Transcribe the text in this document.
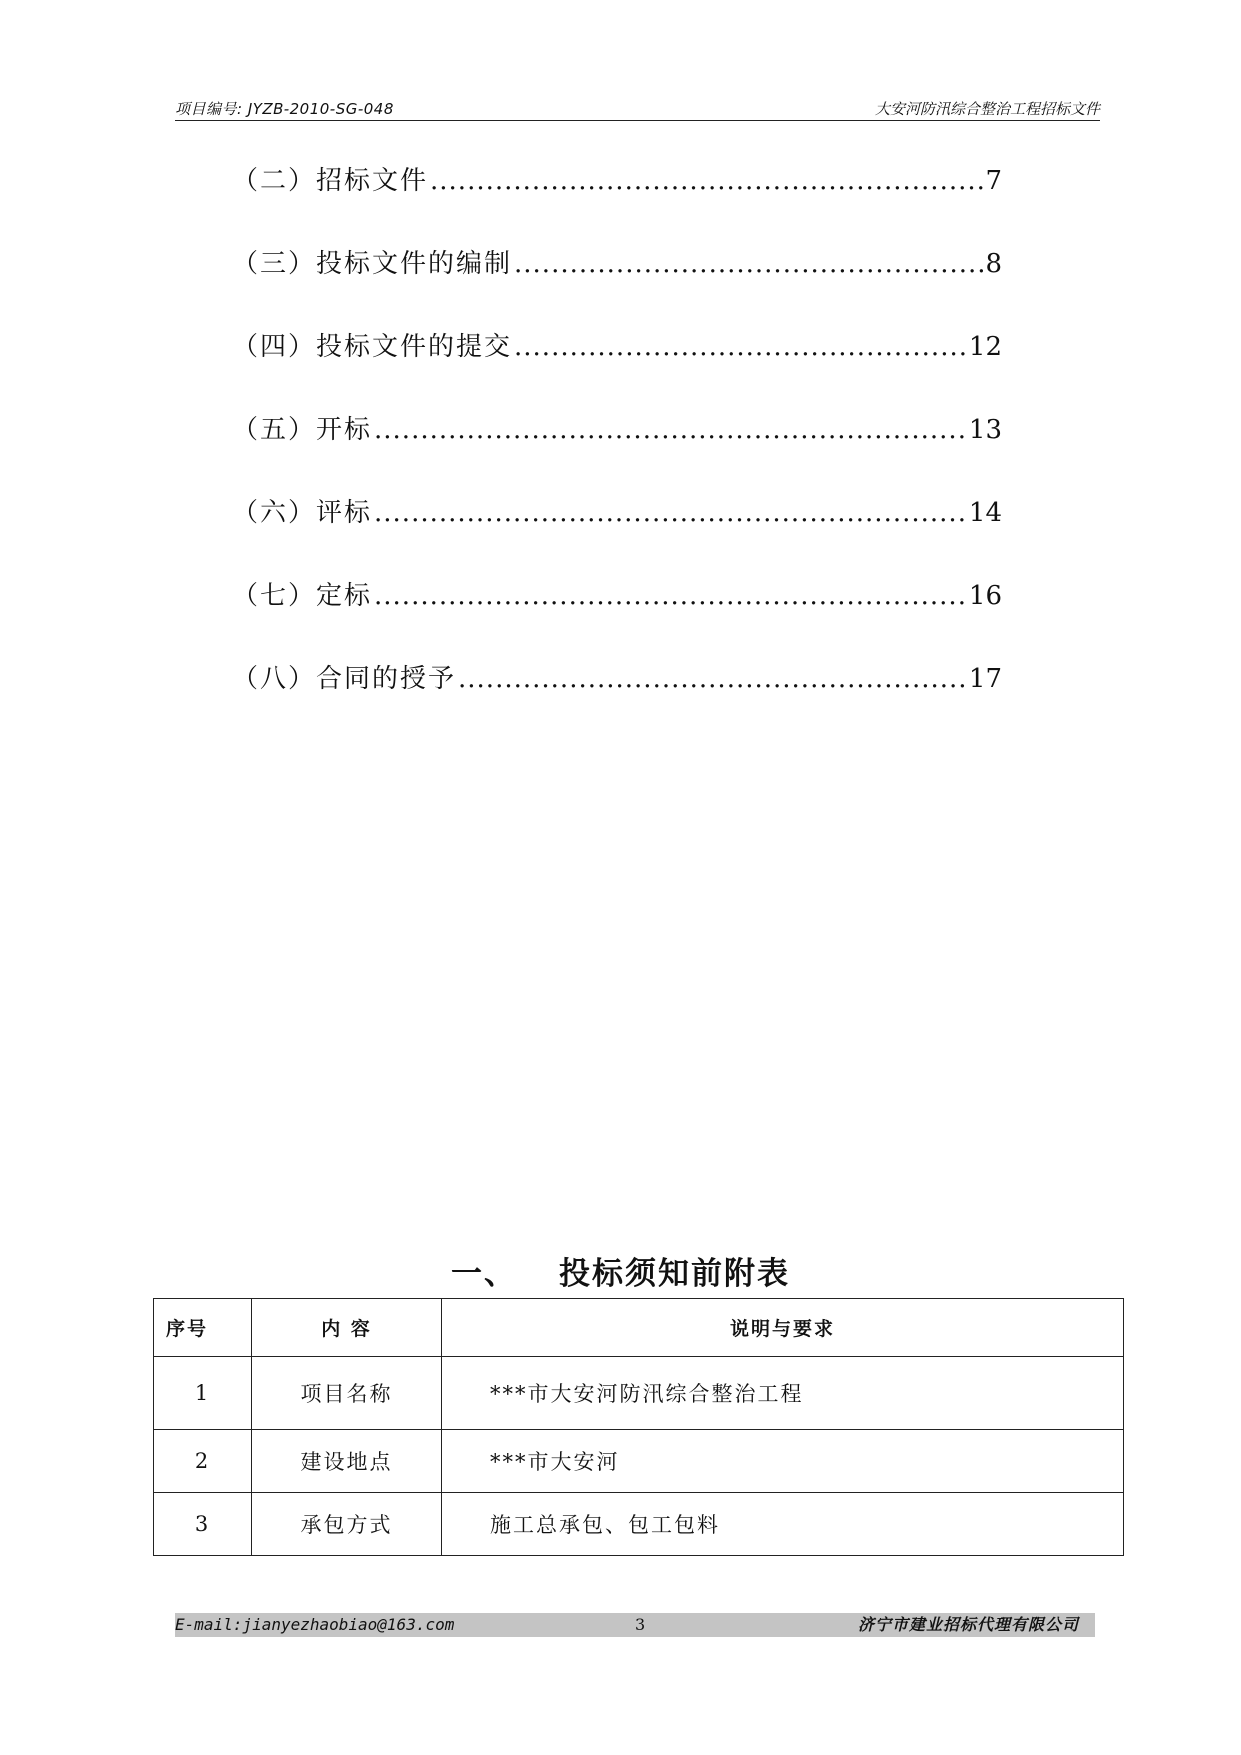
项目编号: JYZB-2010-SG-048	大安河防汛综合整治工程招标文件
（二）招标文件 .....	7
（三）投标文件的编制 .....	8
（四）投标文件的提交 .....	12
（五）开标 .....	13
（六）评标 .....	14
（七）定标 .....	16
（八）合同的授予 .....	17
一、 投标须知前附表
序号	内 容	说明与要求
1	项目名称	***市大安河防汛综合整治工程
2	建设地点	***市大安河
3	承包方式	施工总承包、包工包料
E-mail:jianyezhaobiao@163.com	3	济宁市建业招标代理有限公司
